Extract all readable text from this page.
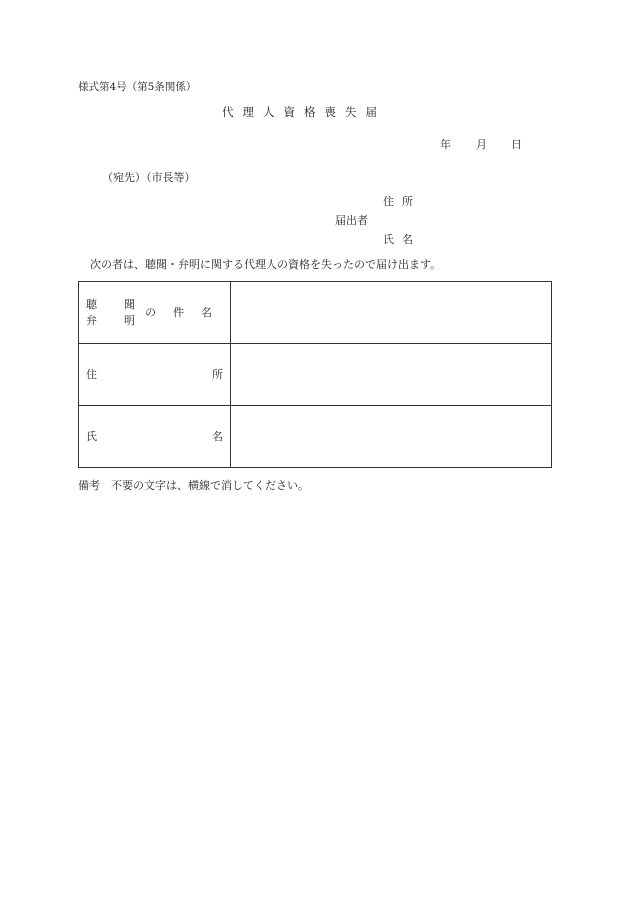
様式第4号（第5条関係）
代理人資格喪失届
年 月 日
（宛先）（市長等）
住所
届出者
氏名
次の者は、聴聞・弁明に関する代理人の資格を失ったので届け出ます。
聴 聞
弁 明
の件名	

住 所	

氏 名	

備考　不要の文字は、横線で消してください。
